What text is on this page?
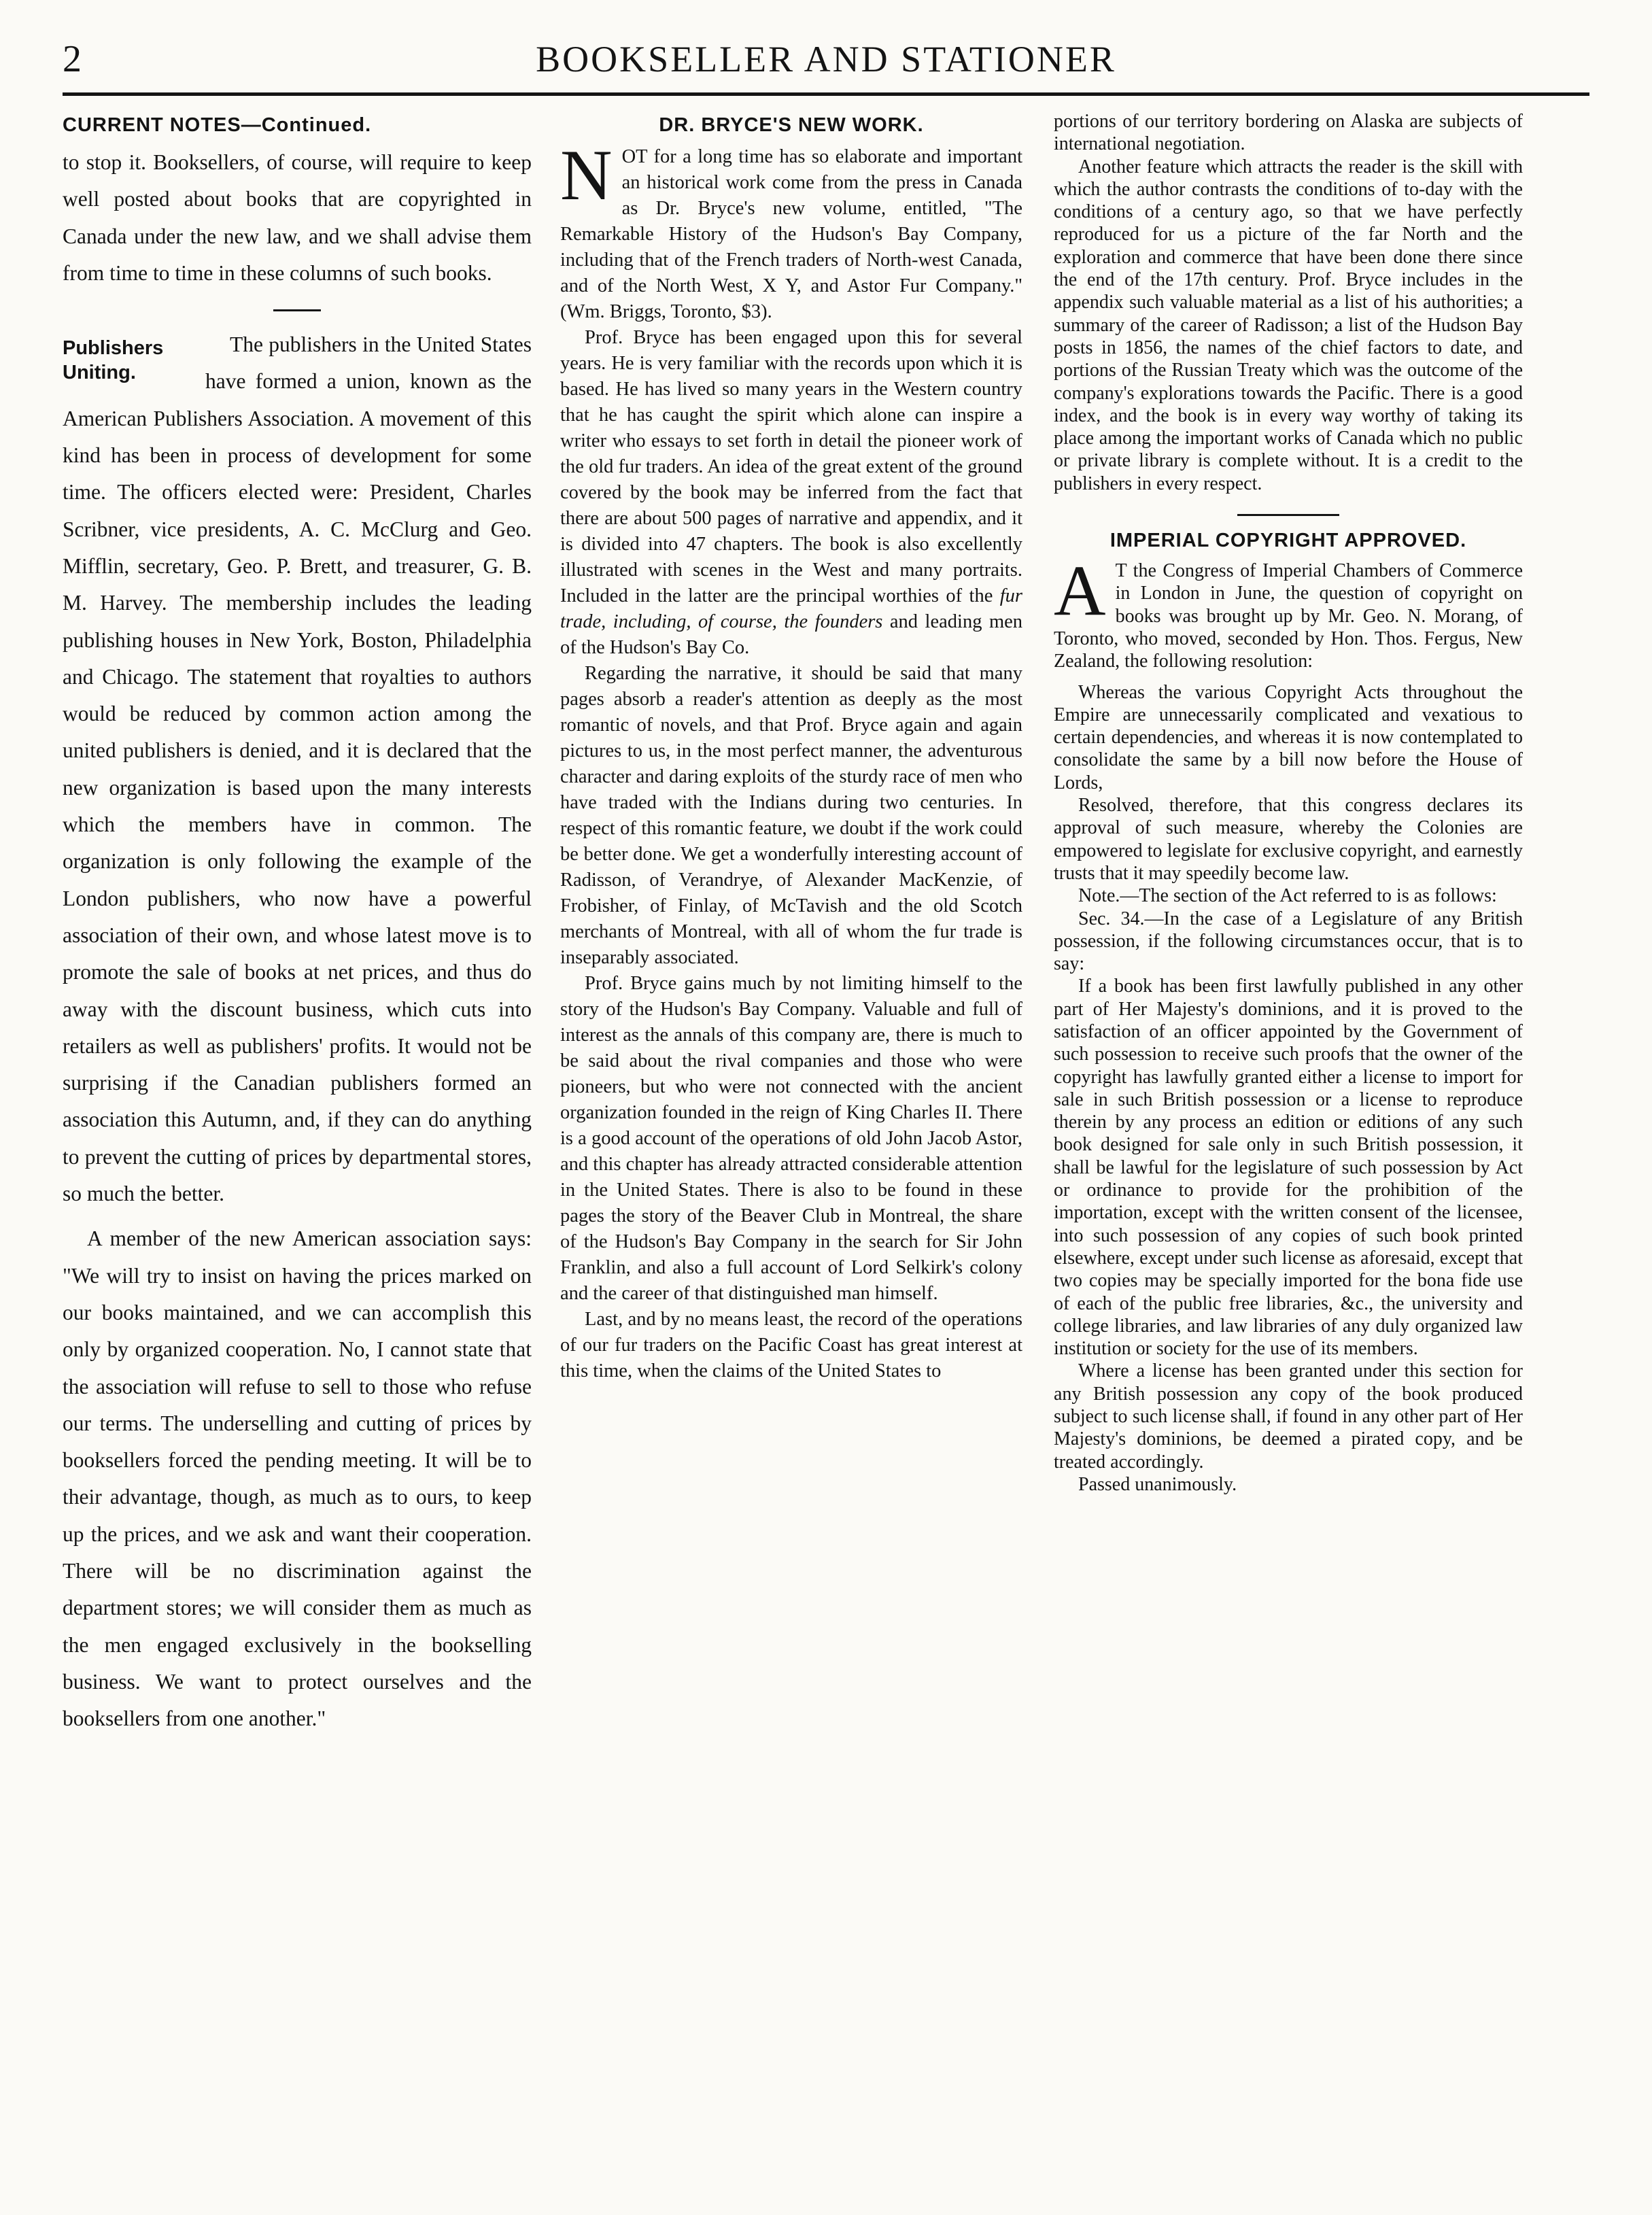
2	BOOKSELLER AND STATIONER
CURRENT NOTES—Continued.

to stop it. Booksellers, of course, will require to keep well posted about books that are copyrighted in Canada under the new law, and we shall advise them from time to time in these columns of such books.

Publishers Uniting.

The publishers in the United States have formed a union, known as the American Publishers Association. A movement of this kind has been in process of development for some time. The officers elected were: President, Charles Scribner, vice presidents, A. C. McClurg and Geo. Mifflin, secretary, Geo. P. Brett, and treasurer, G. B. M. Harvey. The membership includes the leading publishing houses in New York, Boston, Philadelphia and Chicago. The statement that royalties to authors would be reduced by common action among the united publishers is denied, and it is declared that the new organization is based upon the many interests which the members have in common. The organization is only following the example of the London publishers, who now have a powerful association of their own, and whose latest move is to promote the sale of books at net prices, and thus do away with the discount business, which cuts into retailers as well as publishers' profits. It would not be surprising if the Canadian publishers formed an association this Autumn, and, if they can do anything to prevent the cutting of prices by departmental stores, so much the better.

A member of the new American association says: "We will try to insist on having the prices marked on our books maintained, and we can accomplish this only by organized cooperation. No, I cannot state that the association will refuse to sell to those who refuse our terms. The underselling and cutting of prices by booksellers forced the pending meeting. It will be to their advantage, though, as much as to ours, to keep up the prices, and we ask and want their cooperation. There will be no discrimination against the department stores; we will consider them as much as the men engaged exclusively in the bookselling business. We want to protect ourselves and the booksellers from one another."

DR. BRYCE'S NEW WORK.

NOT for a long time has so elaborate and important an historical work come from the press in Canada as Dr. Bryce's new volume, entitled, "The Remarkable History of the Hudson's Bay Company, including that of the French traders of North-west Canada, and of the North West, X Y, and Astor Fur Company." (Wm. Briggs, Toronto, $3).

Prof. Bryce has been engaged upon this for several years. He is very familiar with the records upon which it is based. He has lived so many years in the Western country that he has caught the spirit which alone can inspire a writer who essays to set forth in detail the pioneer work of the old fur traders. An idea of the great extent of the ground covered by the book may be inferred from the fact that there are about 500 pages of narrative and appendix, and it is divided into 47 chapters. The book is also excellently illustrated with scenes in the West and many portraits. Included in the latter are the principal worthies of the fur trade, including, of course, the founders and leading men of the Hudson's Bay Co.

Regarding the narrative, it should be said that many pages absorb a reader's attention as deeply as the most romantic of novels, and that Prof. Bryce again and again pictures to us, in the most perfect manner, the adventurous character and daring exploits of the sturdy race of men who have traded with the Indians during two centuries. In respect of this romantic feature, we doubt if the work could be better done. We get a wonderfully interesting account of Radisson, of Verandrye, of Alexander MacKenzie, of Frobisher, of Finlay, of McTavish and the old Scotch merchants of Montreal, with all of whom the fur trade is inseparably associated.

Prof. Bryce gains much by not limiting himself to the story of the Hudson's Bay Company. Valuable and full of interest as the annals of this company are, there is much to be said about the rival companies and those who were pioneers, but who were not connected with the ancient organization founded in the reign of King Charles II. There is a good account of the operations of old John Jacob Astor, and this chapter has already attracted considerable attention in the United States. There is also to be found in these pages the story of the Beaver Club in Montreal, the share of the Hudson's Bay Company in the search for Sir John Franklin, and also a full account of Lord Selkirk's colony and the career of that distinguished man himself.

Last, and by no means least, the record of the operations of our fur traders on the Pacific Coast has great interest at this time, when the claims of the United States to

portions of our territory bordering on Alaska are subjects of international negotiation.

Another feature which attracts the reader is the skill with which the author contrasts the conditions of to-day with the conditions of a century ago, so that we have perfectly reproduced for us a picture of the far North and the exploration and commerce that have been done there since the end of the 17th century. Prof. Bryce includes in the appendix such valuable material as a list of his authorities; a summary of the career of Radisson; a list of the Hudson Bay posts in 1856, the names of the chief factors to date, and portions of the Russian Treaty which was the outcome of the company's explorations towards the Pacific. There is a good index, and the book is in every way worthy of taking its place among the important works of Canada which no public or private library is complete without. It is a credit to the publishers in every respect.

IMPERIAL COPYRIGHT APPROVED.

A T the Congress of Imperial Chambers of Commerce in London in June, the question of copyright on books was brought up by Mr. Geo. N. Morang, of Toronto, who moved, seconded by Hon. Thos. Fergus, New Zealand, the following resolution:

Whereas the various Copyright Acts throughout the Empire are unnecessarily complicated and vexatious to certain dependencies, and whereas it is now contemplated to consolidate the same by a bill now before the House of Lords,

Resolved, therefore, that this congress declares its approval of such measure, whereby the Colonies are empowered to legislate for exclusive copyright, and earnestly trusts that it may speedily become law.

Note.—The section of the Act referred to is as follows:

Sec. 34.—In the case of a Legislature of any British possession, if the following circumstances occur, that is to say:

If a book has been first lawfully published in any other part of Her Majesty's dominions, and it is proved to the satisfaction of an officer appointed by the Government of such possession to receive such proofs that the owner of the copyright has lawfully granted either a license to import for sale in such British possession or a license to reproduce therein by any process an edition or editions of any such book designed for sale only in such British possession, it shall be lawful for the legislature of such possession by Act or ordinance to provide for the prohibition of the importation, except with the written consent of the licensee, into such possession of any copies of such book printed elsewhere, except under such license as aforesaid, except that two copies may be specially imported for the bona fide use of each of the public free libraries, &c., the university and college libraries, and law libraries of any duly organized law institution or society for the use of its members.

Where a license has been granted under this section for any British possession any copy of the book produced subject to such license shall, if found in any other part of Her Majesty's dominions, be deemed a pirated copy, and be treated accordingly.

Passed unanimously.
